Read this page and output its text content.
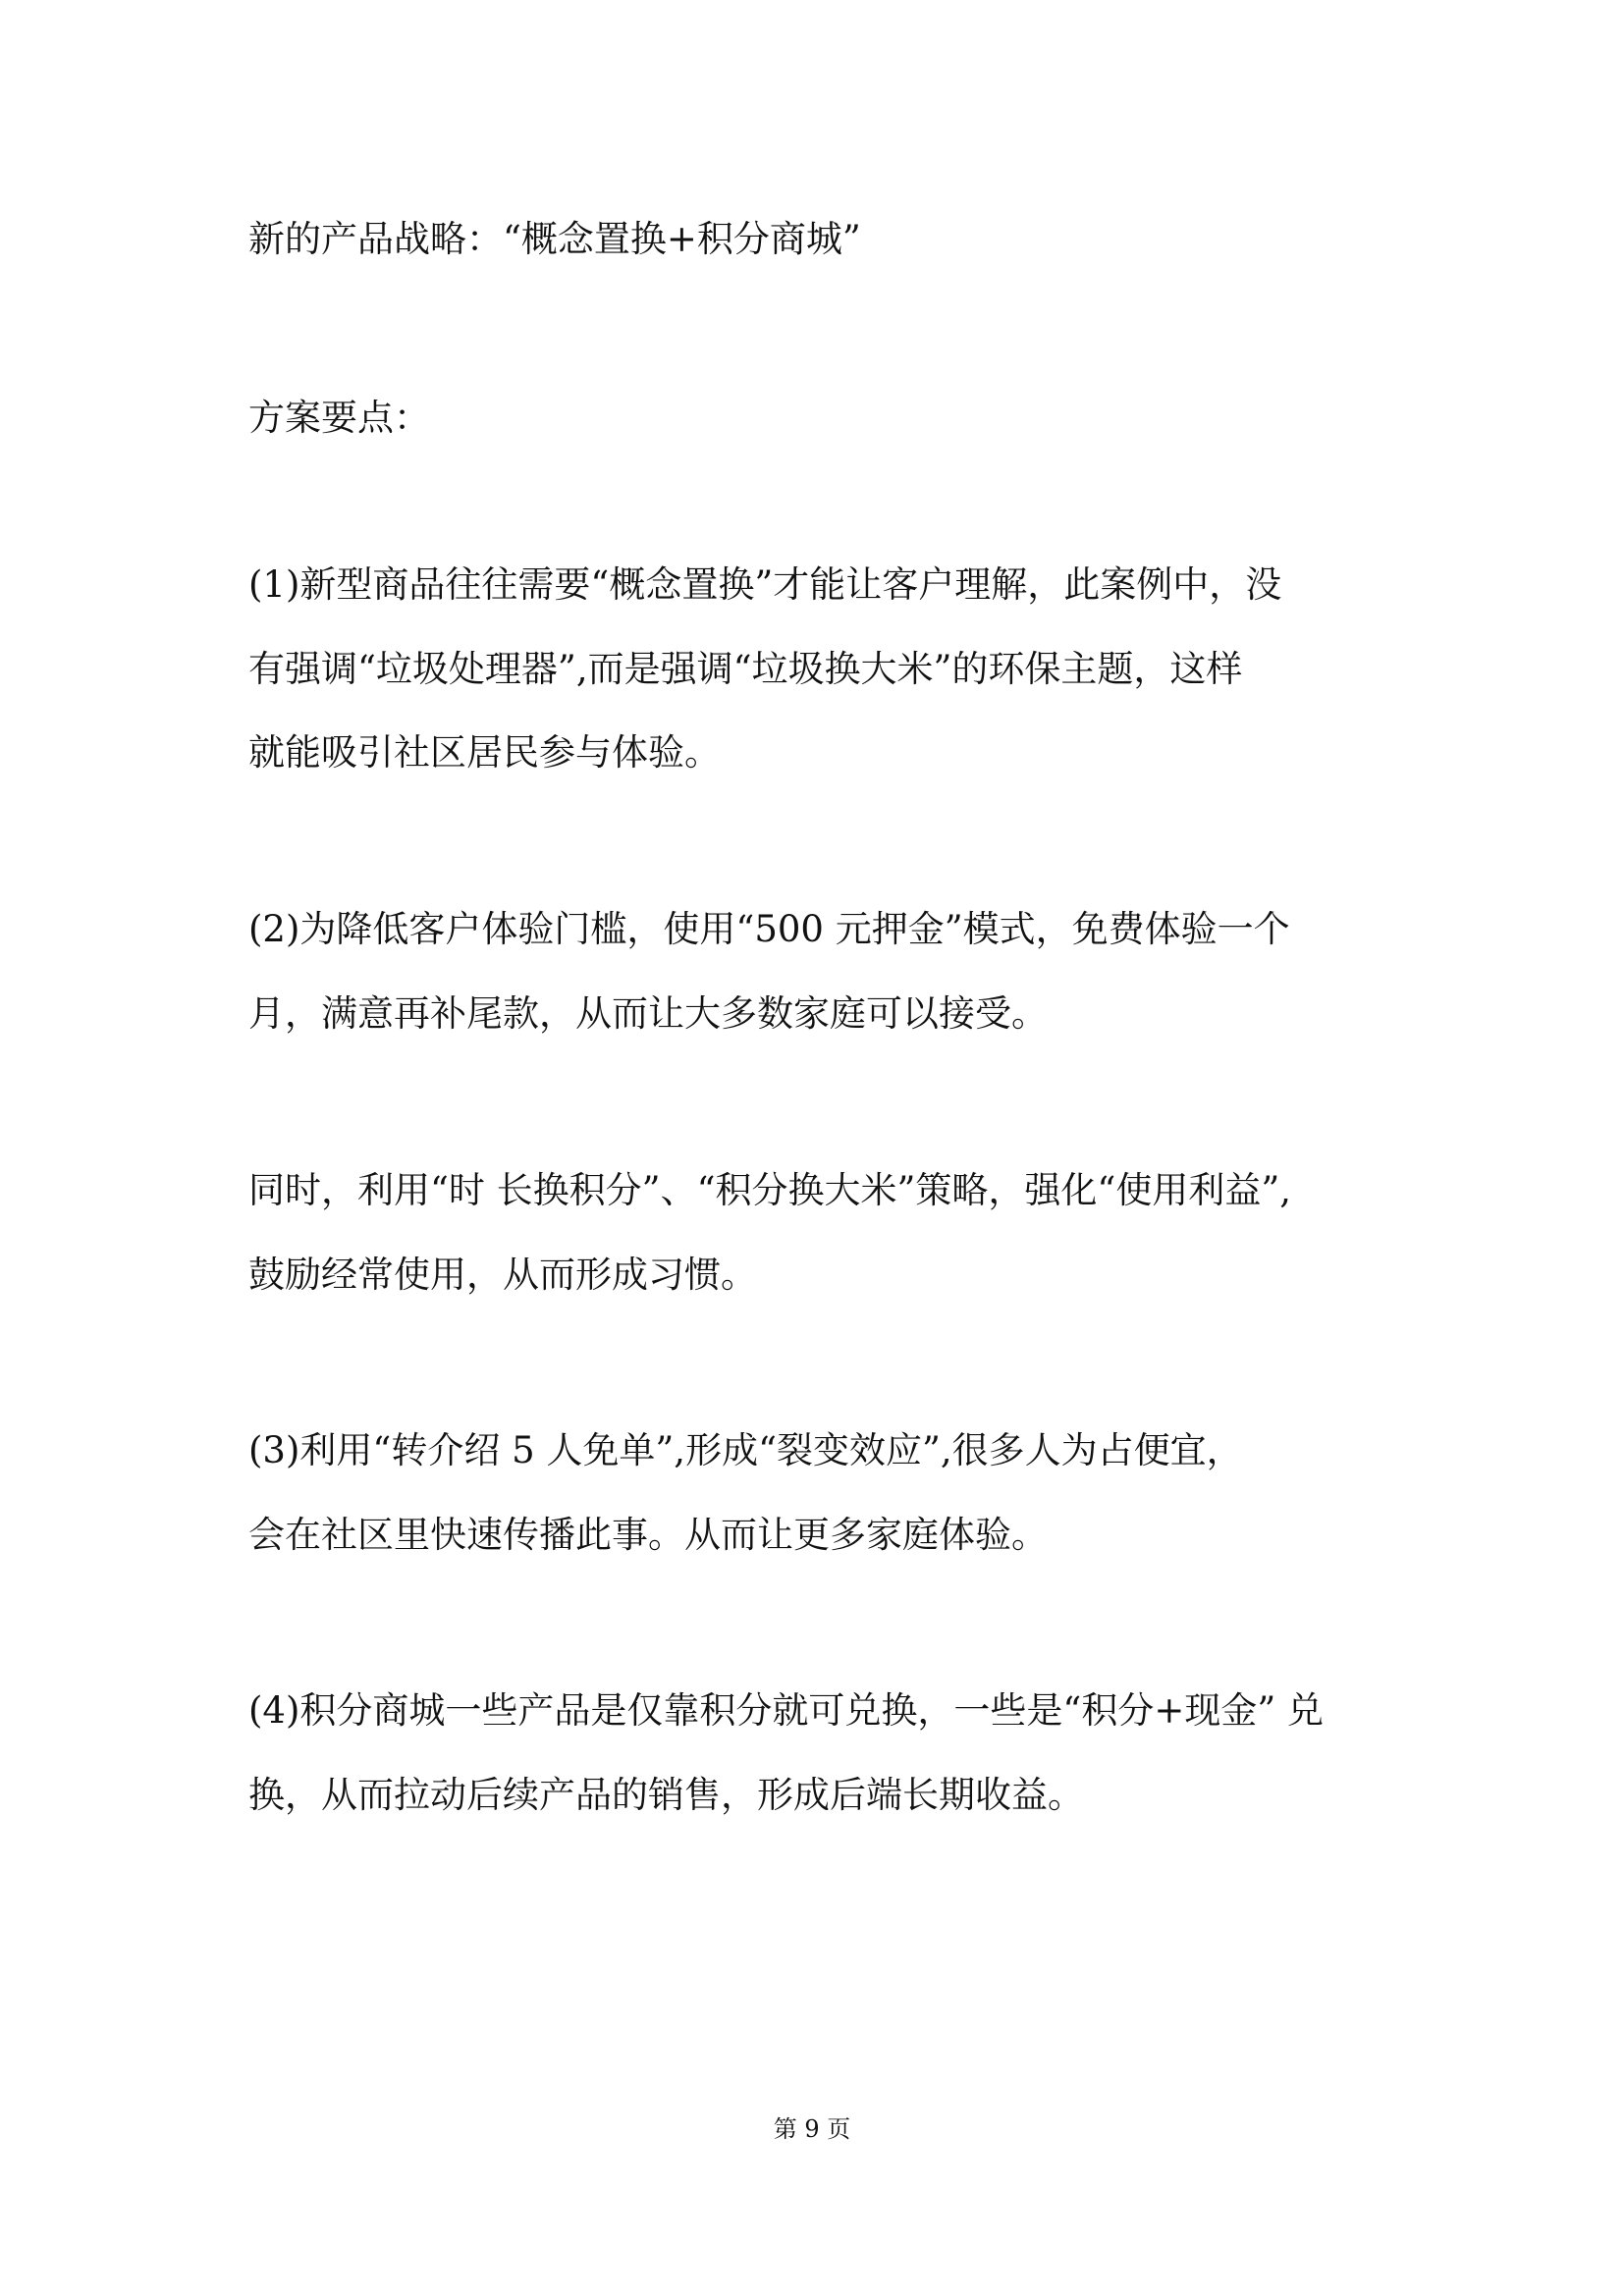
新的产品战略：“概念置换+积分商城”
方案要点：
(1)新型商品往往需要“概念置换”才能让客户理解，此案例中，没
有强调“垃圾处理器”,而是强调“垃圾换大米”的环保主题，这样
就能吸引社区居民参与体验。
(2)为降低客户体验门槛，使用“500 元押金”模式，免费体验一个
月，满意再补尾款，从而让大多数家庭可以接受。
同时，利用“时 长换积分”、“积分换大米”策略，强化“使用利益”,
鼓励经常使用，从而形成习惯。
(3)利用“转介绍 5 人免单”,形成“裂变效应”,很多人为占便宜，
会在社区里快速传播此事。从而让更多家庭体验。
(4)积分商城一些产品是仅靠积分就可兑换，一些是“积分+现金” 兑
换，从而拉动后续产品的销售，形成后端长期收益。
第 9 页
